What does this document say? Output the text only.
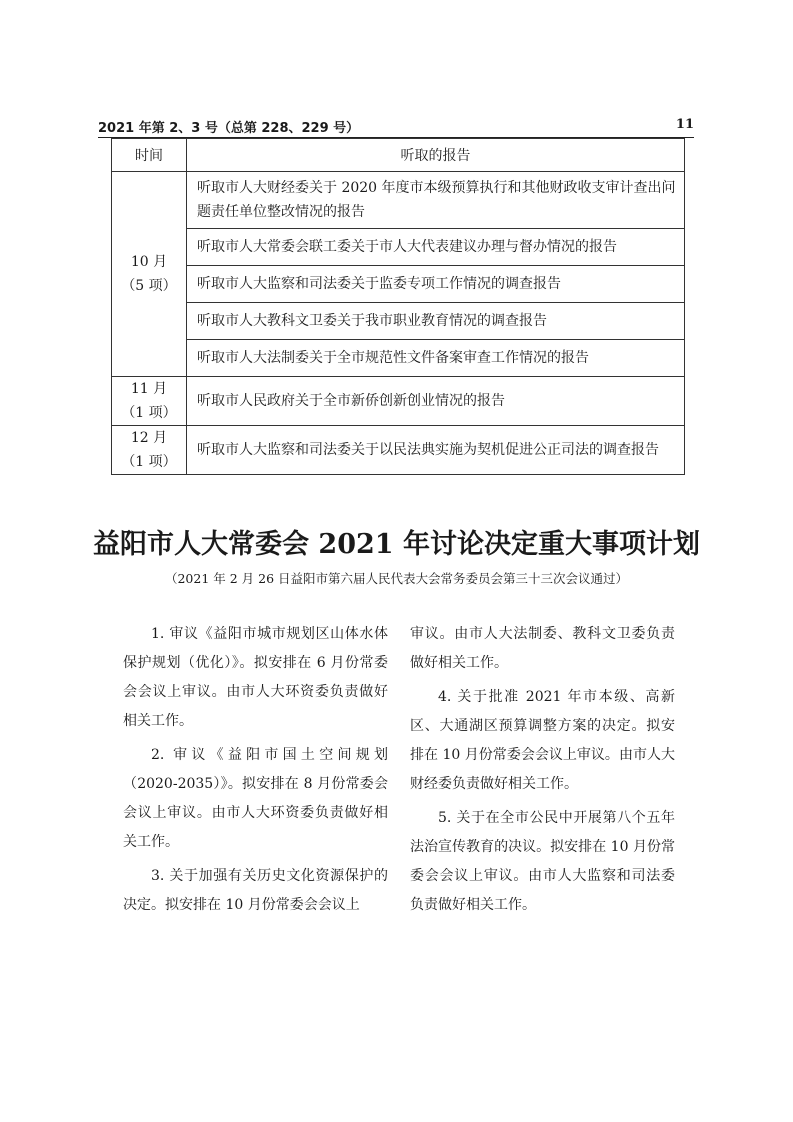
2021 年第 2、3 号（总第 228、229 号）	11
时间	听取的报告

10 月
（5 项）	听取市人大财经委关于 2020 年度市本级预算执行和其他财政收支审计查出问题责任单位整改情况的报告
	听取市人大常委会联工委关于市人大代表建议办理与督办情况的报告
	听取市人大监察和司法委关于监委专项工作情况的调查报告
	听取市人大教科文卫委关于我市职业教育情况的调查报告
	听取市人大法制委关于全市规范性文件备案审查工作情况的报告

11 月
（1 项）	听取市人民政府关于全市新侨创新创业情况的报告

12 月
（1 项）	听取市人大监察和司法委关于以民法典实施为契机促进公正司法的调查报告
益阳市人大常委会 2021 年讨论决定重大事项计划
（2021 年 2 月 26 日益阳市第六届人民代表大会常务委员会第三十三次会议通过）

1. 审议《益阳市城市规划区山体水体保护规划（优化）》。拟安排在 6 月份常委会会议上审议。由市人大环资委负责做好相关工作。

2. 审议《益阳市国土空间规划（2020-2035）》。拟安排在 8 月份常委会会议上审议。由市人大环资委负责做好相关工作。

3. 关于加强有关历史文化资源保护的决定。拟安排在 10 月份常委会会议上

审议。由市人大法制委、教科文卫委负责做好相关工作。

4. 关于批准 2021 年市本级、高新区、大通湖区预算调整方案的决定。拟安排在 10 月份常委会会议上审议。由市人大财经委负责做好相关工作。

5. 关于在全市公民中开展第八个五年法治宣传教育的决议。拟安排在 10 月份常委会会议上审议。由市人大监察和司法委负责做好相关工作。
